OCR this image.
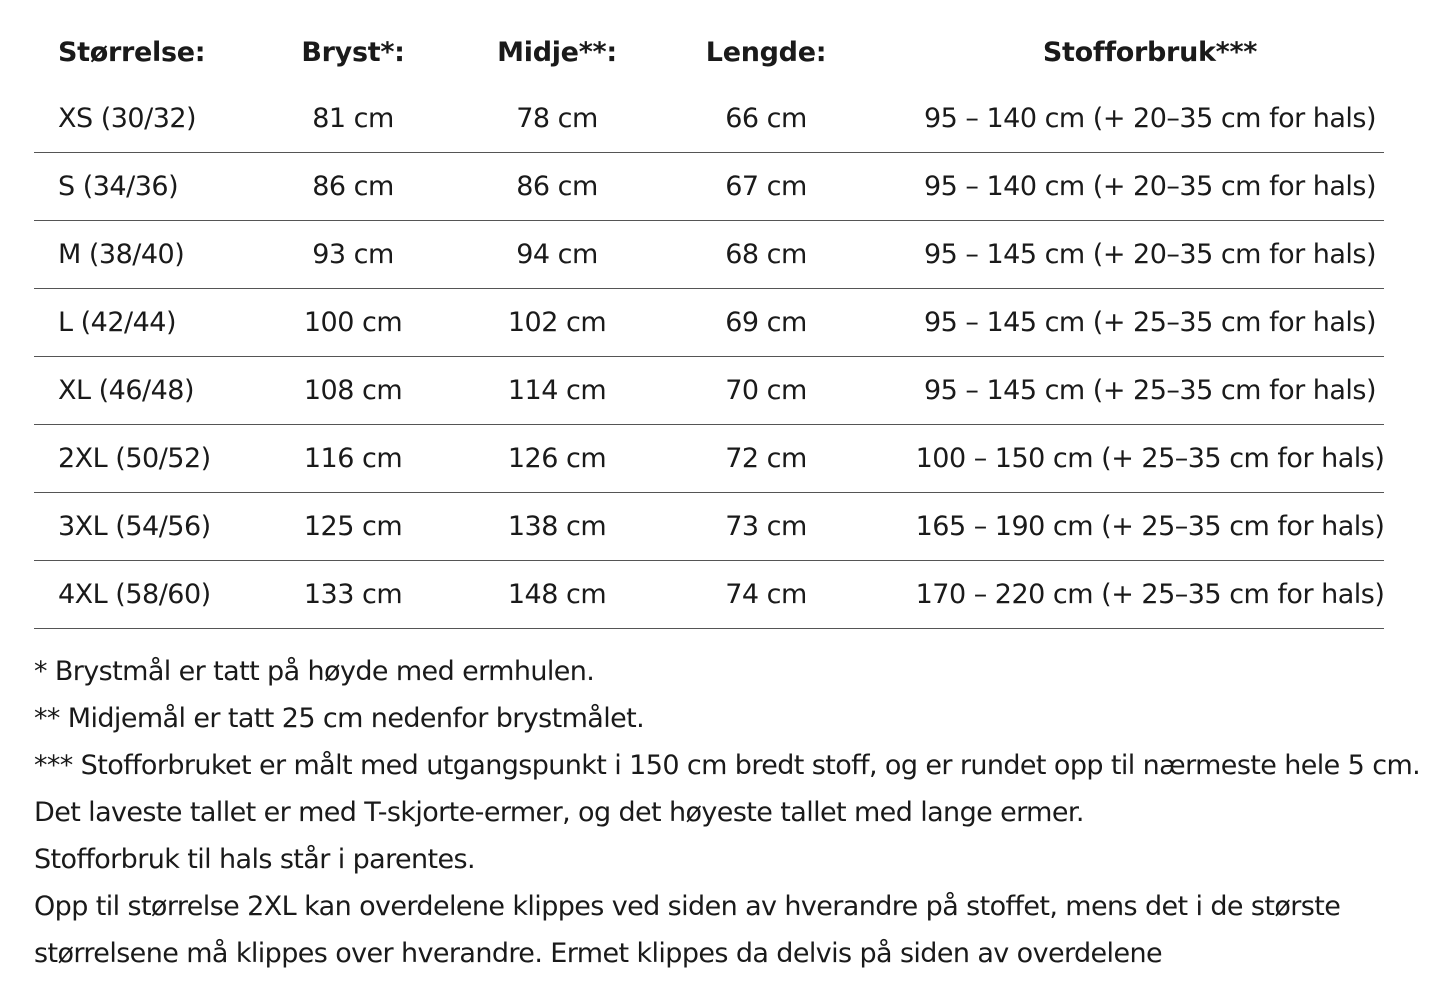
Størrelse:	Bryst*:	Midje**:	Lengde:	Stofforbruk***
XS (30/32)	81 cm	78 cm	66 cm	95 – 140 cm (+ 20–35 cm for hals)
S (34/36)	86 cm	86 cm	67 cm	95 – 140 cm (+ 20–35 cm for hals)
M (38/40)	93 cm	94 cm	68 cm	95 – 145 cm (+ 20–35 cm for hals)
L (42/44)	100 cm	102 cm	69 cm	95 – 145 cm (+ 25–35 cm for hals)
XL (46/48)	108 cm	114 cm	70 cm	95 – 145 cm (+ 25–35 cm for hals)
2XL (50/52)	116 cm	126 cm	72 cm	100 – 150 cm (+ 25–35 cm for hals)
3XL (54/56)	125 cm	138 cm	73 cm	165 – 190 cm (+ 25–35 cm for hals)
4XL (58/60)	133 cm	148 cm	74 cm	170 – 220 cm (+ 25–35 cm for hals)
* Brystmål er tatt på høyde med ermhulen.
** Midjemål er tatt 25 cm nedenfor brystmålet.
*** Stofforbruket er målt med utgangspunkt i 150 cm bredt stoff, og er rundet opp til nærmeste hele 5 cm.
Det laveste tallet er med T-skjorte-ermer, og det høyeste tallet med lange ermer.
Stofforbruk til hals står i parentes.
Opp til størrelse 2XL kan overdelene klippes ved siden av hverandre på stoffet, mens det i de største
størrelsene må klippes over hverandre. Ermet klippes da delvis på siden av overdelene
